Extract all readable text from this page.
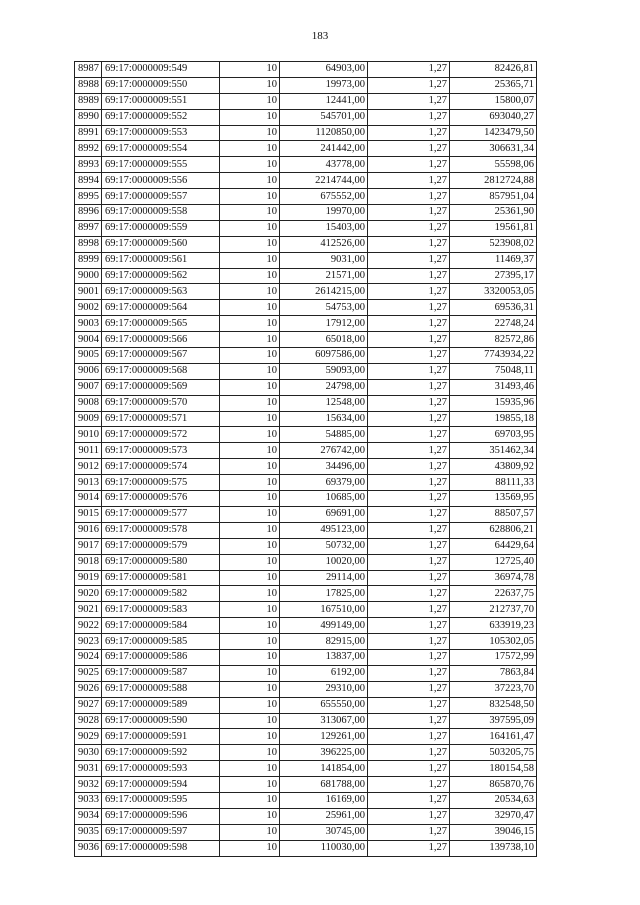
183
8987	69:17:0000009:549	10	64903,00	1,27	82426,81
8988	69:17:0000009:550	10	19973,00	1,27	25365,71
8989	69:17:0000009:551	10	12441,00	1,27	15800,07
8990	69:17:0000009:552	10	545701,00	1,27	693040,27
8991	69:17:0000009:553	10	1120850,00	1,27	1423479,50
8992	69:17:0000009:554	10	241442,00	1,27	306631,34
8993	69:17:0000009:555	10	43778,00	1,27	55598,06
8994	69:17:0000009:556	10	2214744,00	1,27	2812724,88
8995	69:17:0000009:557	10	675552,00	1,27	857951,04
8996	69:17:0000009:558	10	19970,00	1,27	25361,90
8997	69:17:0000009:559	10	15403,00	1,27	19561,81
8998	69:17:0000009:560	10	412526,00	1,27	523908,02
8999	69:17:0000009:561	10	9031,00	1,27	11469,37
9000	69:17:0000009:562	10	21571,00	1,27	27395,17
9001	69:17:0000009:563	10	2614215,00	1,27	3320053,05
9002	69:17:0000009:564	10	54753,00	1,27	69536,31
9003	69:17:0000009:565	10	17912,00	1,27	22748,24
9004	69:17:0000009:566	10	65018,00	1,27	82572,86
9005	69:17:0000009:567	10	6097586,00	1,27	7743934,22
9006	69:17:0000009:568	10	59093,00	1,27	75048,11
9007	69:17:0000009:569	10	24798,00	1,27	31493,46
9008	69:17:0000009:570	10	12548,00	1,27	15935,96
9009	69:17:0000009:571	10	15634,00	1,27	19855,18
9010	69:17:0000009:572	10	54885,00	1,27	69703,95
9011	69:17:0000009:573	10	276742,00	1,27	351462,34
9012	69:17:0000009:574	10	34496,00	1,27	43809,92
9013	69:17:0000009:575	10	69379,00	1,27	88111,33
9014	69:17:0000009:576	10	10685,00	1,27	13569,95
9015	69:17:0000009:577	10	69691,00	1,27	88507,57
9016	69:17:0000009:578	10	495123,00	1,27	628806,21
9017	69:17:0000009:579	10	50732,00	1,27	64429,64
9018	69:17:0000009:580	10	10020,00	1,27	12725,40
9019	69:17:0000009:581	10	29114,00	1,27	36974,78
9020	69:17:0000009:582	10	17825,00	1,27	22637,75
9021	69:17:0000009:583	10	167510,00	1,27	212737,70
9022	69:17:0000009:584	10	499149,00	1,27	633919,23
9023	69:17:0000009:585	10	82915,00	1,27	105302,05
9024	69:17:0000009:586	10	13837,00	1,27	17572,99
9025	69:17:0000009:587	10	6192,00	1,27	7863,84
9026	69:17:0000009:588	10	29310,00	1,27	37223,70
9027	69:17:0000009:589	10	655550,00	1,27	832548,50
9028	69:17:0000009:590	10	313067,00	1,27	397595,09
9029	69:17:0000009:591	10	129261,00	1,27	164161,47
9030	69:17:0000009:592	10	396225,00	1,27	503205,75
9031	69:17:0000009:593	10	141854,00	1,27	180154,58
9032	69:17:0000009:594	10	681788,00	1,27	865870,76
9033	69:17:0000009:595	10	16169,00	1,27	20534,63
9034	69:17:0000009:596	10	25961,00	1,27	32970,47
9035	69:17:0000009:597	10	30745,00	1,27	39046,15
9036	69:17:0000009:598	10	110030,00	1,27	139738,10
